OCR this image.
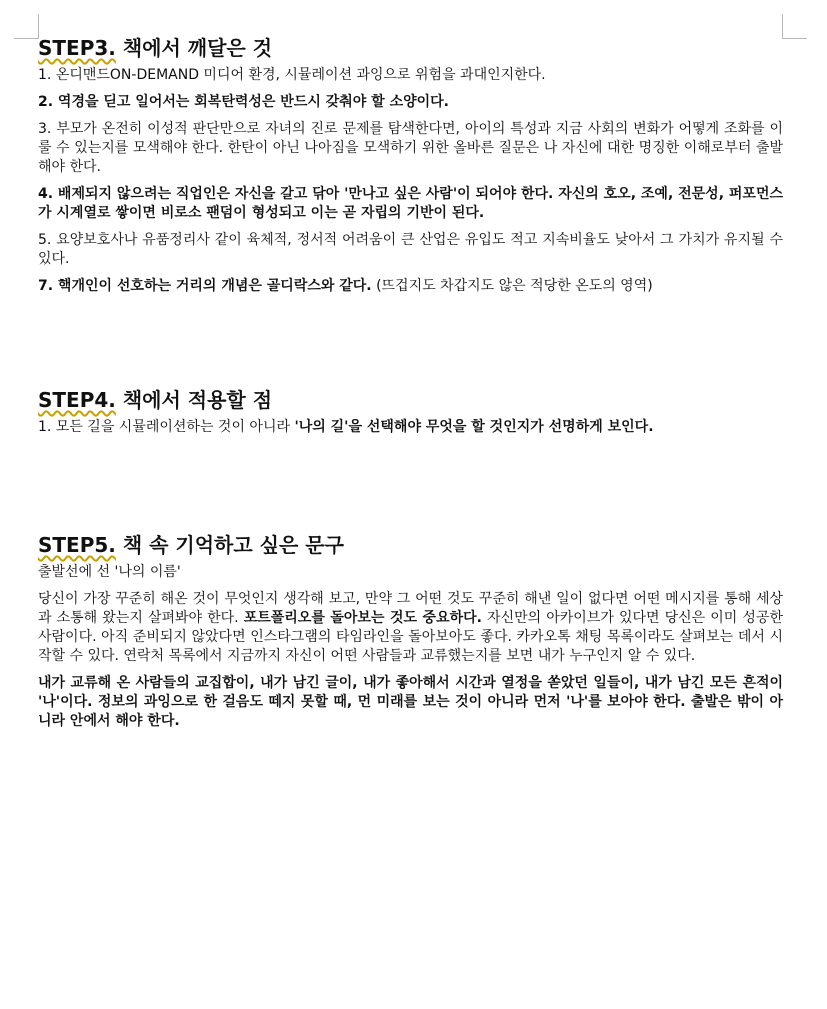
STEP3. 책에서 깨달은 것

1. 온디맨드ON-DEMAND 미디어 환경, 시뮬레이션 과잉으로 위험을 과대인지한다.

2. 역경을 딛고 일어서는 회복탄력성은 반드시 갖춰야 할 소양이다.

3. 부모가 온전히 이성적 판단만으로 자녀의 진로 문제를 탐색한다면, 아이의 특성과 지금 사회의 변화가 어떻게 조화를 이룰 수 있는지를 모색해야 한다. 한탄이 아닌 나아짐을 모색하기 위한 올바른 질문은 나 자신에 대한 명징한 이해로부터 출발해야 한다.

4. 배제되지 않으려는 직업인은 자신을 갈고 닦아 '만나고 싶은 사람'이 되어야 한다. 자신의 호오, 조예, 전문성, 퍼포먼스가 시계열로 쌓이면 비로소 팬덤이 형성되고 이는 곧 자립의 기반이 된다.

5. 요양보호사나 유품정리사 같이 육체적, 정서적 어려움이 큰 산업은 유입도 적고 지속비율도 낮아서 그 가치가 유지될 수 있다.

7. 핵개인이 선호하는 거리의 개념은 골디락스와 같다. (뜨겁지도 차갑지도 않은 적당한 온도의 영역)

STEP4. 책에서 적용할 점

1. 모든 길을 시뮬레이션하는 것이 아니라 '나의 길'을 선택해야 무엇을 할 것인지가 선명하게 보인다.

STEP5. 책 속 기억하고 싶은 문구
출발선에 선 '나의 이름'

당신이 가장 꾸준히 해온 것이 무엇인지 생각해 보고, 만약 그 어떤 것도 꾸준히 해낸 일이 없다면 어떤 메시지를 통해 세상과 소통해 왔는지 살펴봐야 한다. 포트폴리오를 돌아보는 것도 중요하다. 자신만의 아카이브가 있다면 당신은 이미 성공한 사람이다. 아직 준비되지 않았다면 인스타그램의 타임라인을 돌아보아도 좋다. 카카오톡 채팅 목록이라도 살펴보는 데서 시작할 수 있다. 연락처 목록에서 지금까지 자신이 어떤 사람들과 교류했는지를 보면 내가 누구인지 알 수 있다.

내가 교류해 온 사람들의 교집합이, 내가 남긴 글이, 내가 좋아해서 시간과 열정을 쏟았던 일들이, 내가 남긴 모든 흔적이 '나'이다. 정보의 과잉으로 한 걸음도 떼지 못할 때, 먼 미래를 보는 것이 아니라 먼저 '나'를 보아야 한다. 출발은 밖이 아니라 안에서 해야 한다.
